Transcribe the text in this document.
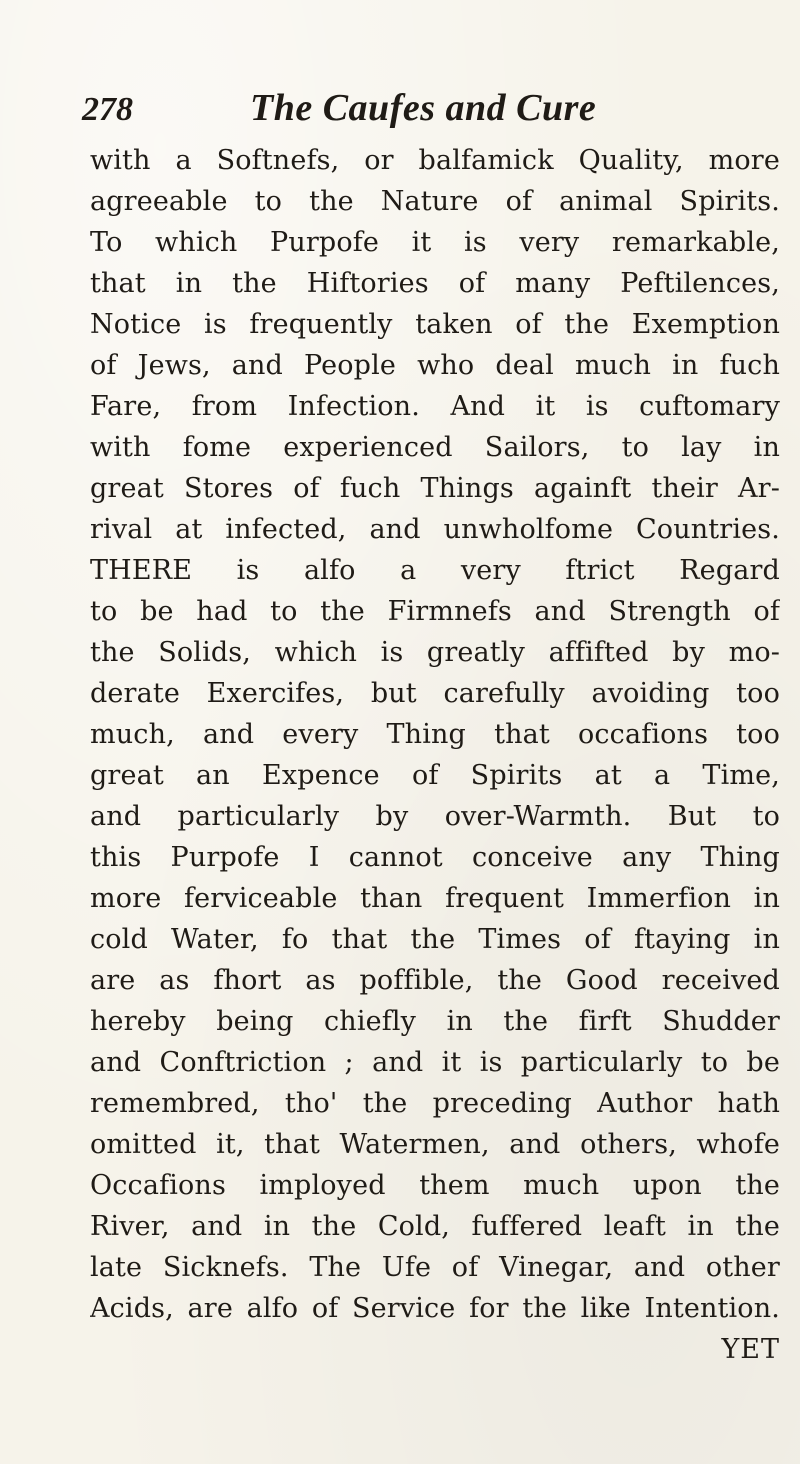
278	The Caufes and Cure
with a Softnefs, or balfamick Quality, more
agreeable to the Nature of animal Spirits.
To which Purpofe it is very remarkable,
that in the Hiftories of many Peftilences,
Notice is frequently taken of the Exemption
of Jews, and People who deal much in fuch
Fare, from Infection. And it is cuftomary
with fome experienced Sailors, to lay in
great Stores of fuch Things againft their Ar-
rival at infected, and unwholfome Countries.
THERE is alfo a very ftrict Regard
to be had to the Firmnefs and Strength of
the Solids, which is greatly affifted by mo-
derate Exercifes, but carefully avoiding too
much, and every Thing that occafions too
great an Expence of Spirits at a Time,
and particularly by over-Warmth. But to
this Purpofe I cannot conceive any Thing
more ferviceable than frequent Immerfion in
cold Water, fo that the Times of ftaying in
are as fhort as poffible, the Good received
hereby being chiefly in the firft Shudder
and Conftriction ; and it is particularly to be
remembred, tho' the preceding Author hath
omitted it, that Watermen, and others, whofe
Occafions imployed them much upon the
River, and in the Cold, fuffered leaft in the
late Sicknefs. The Ufe of Vinegar, and other
Acids, are alfo of Service for the like Intention.
YET
